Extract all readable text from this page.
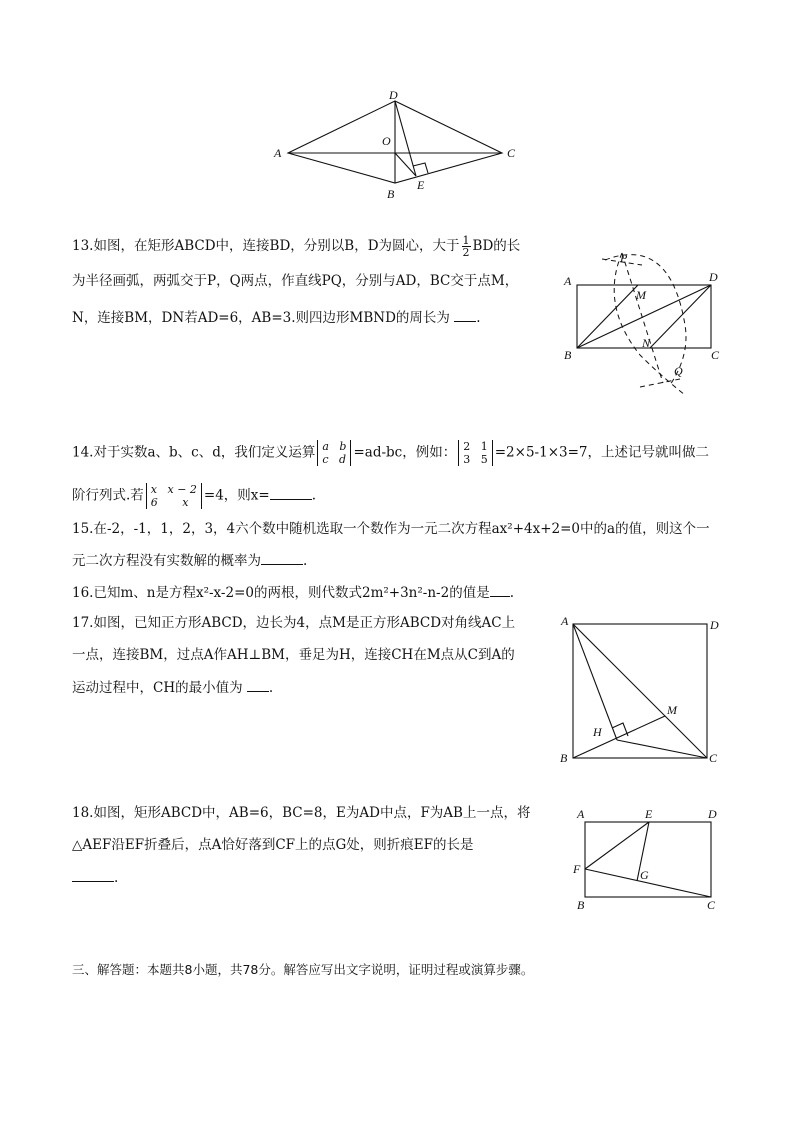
A
D
C
O
B
E
13.如图，在矩形ABCD中，连接BD，分别以B，D为圆心，大于 $\frac{1}{2}$ BD的长
为半径画弧，两弧交于P，Q两点，作直线PQ，分别与AD，BC交于点M，
N，连接BM，DN若AD=6，AB=3.则四边形MBND的周长为 .
P
A	D
M
N
B	C
Q
14.对于实数a、b、c、d，我们定义运算 a   b
c   d =ad-bc，例如： 2   1
3   5 =2×5-1×3=7，上述记号就叫做二
阶行列式.若 x   x − 2
6       x	=4，则x=	.
15.在-2，-1，1，2，3，4六个数中随机选取一个数作为一元二次方程ax²+4x+2=0中的a的值，则这个一
元二次方程没有实数解的概率为	.
16.已知m、n是方程x²-x-2=0的两根，则代数式2m²+3n²-n-2的值是 .
17.如图，已知正方形ABCD，边长为4，点M是正方形ABCD对角线AC上
一点，连接BM，过点A作AH⊥BM，垂足为H，连接CH在M点从C到A的
运动过程中，CH的最小值为 .
A	D
M
H
B	C
18.如图，矩形ABCD中，AB=6，BC=8，E为AD中点，F为AB上一点，将
△AEF沿EF折叠后，点A恰好落到CF上的点G处，则折痕EF的长是
.
A	E	D
F	G
B	C
三、解答题：本题共8小题，共78分。解答应写出文字说明，证明过程或演算步骤。
